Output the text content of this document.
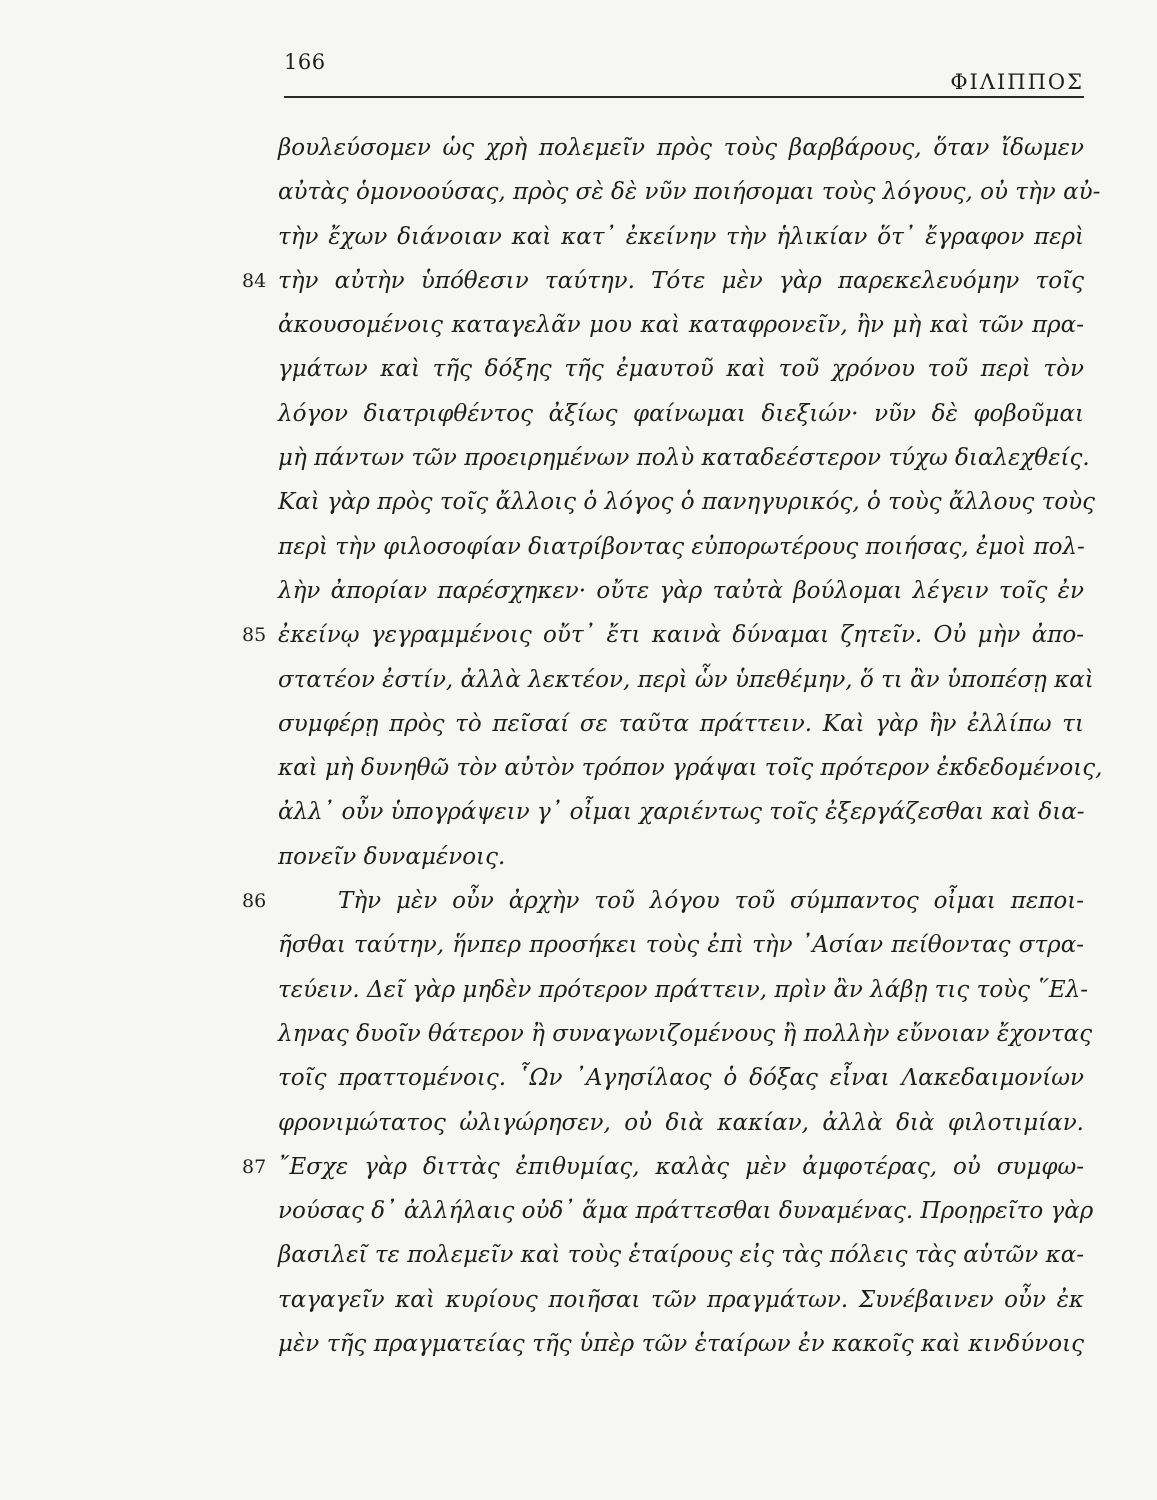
166
ΦΙΛΙΠΠΟΣ
βουλεύσομεν ὡς χρὴ πολεμεῖν πρὸς τοὺς βαρβάρους, ὅταν ἴδωμεν
αὐτὰς ὁμονοούσας, πρὸς σὲ δὲ νῦν ποιήσομαι τοὺς λόγους, οὐ τὴν αὐ-
τὴν ἔχων διάνοιαν καὶ κατ᾽ ἐκείνην τὴν ἡλικίαν ὅτ᾽ ἔγραφον περὶ
84 τὴν αὐτὴν ὑπόθεσιν ταύτην. Τότε μὲν γὰρ παρεκελευόμην τοῖς
ἀκουσομένοις καταγελᾶν μου καὶ καταφρονεῖν, ἢν μὴ καὶ τῶν πρα-
γμάτων καὶ τῆς δόξης τῆς ἐμαυτοῦ καὶ τοῦ χρόνου τοῦ περὶ τὸν
λόγον διατριφθέντος ἀξίως φαίνωμαι διεξιών· νῦν δὲ φοβοῦμαι
μὴ πάντων τῶν προειρημένων πολὺ καταδεέστερον τύχω διαλεχθείς.
Καὶ γὰρ πρὸς τοῖς ἄλλοις ὁ λόγος ὁ πανηγυρικός, ὁ τοὺς ἄλλους τοὺς
περὶ τὴν φιλοσοφίαν διατρίβοντας εὐπορωτέρους ποιήσας, ἐμοὶ πολ-
λὴν ἀπορίαν παρέσχηκεν· οὔτε γὰρ ταὐτὰ βούλομαι λέγειν τοῖς ἐν
85 ἐκείνῳ γεγραμμένοις οὔτ᾽ ἔτι καινὰ δύναμαι ζητεῖν. Οὐ μὴν ἀπο-
στατέον ἐστίν, ἀλλὰ λεκτέον, περὶ ὧν ὑπεθέμην, ὅ τι ἂν ὑποπέσῃ καὶ
συμφέρῃ πρὸς τὸ πεῖσαί σε ταῦτα πράττειν. Καὶ γὰρ ἢν ἐλλίπω τι
καὶ μὴ δυνηθῶ τὸν αὐτὸν τρόπον γράψαι τοῖς πρότερον ἐκδεδομένοις,
ἀλλ᾽ οὖν ὑπογράψειν γ᾽ οἶμαι χαριέντως τοῖς ἐξεργάζεσθαι καὶ δια-
πονεῖν δυναμένοις.
86	Τὴν μὲν οὖν ἀρχὴν τοῦ λόγου τοῦ σύμπαντος οἶμαι πεποι-
ῆσθαι ταύτην, ἥνπερ προσήκει τοὺς ἐπὶ τὴν ᾿Ασίαν πείθοντας στρα-
τεύειν. Δεῖ γὰρ μηδὲν πρότερον πράττειν, πρὶν ἂν λάβῃ τις τοὺς ῞Ελ-
ληνας δυοῖν θάτερον ἢ συναγωνιζομένους ἢ πολλὴν εὔνοιαν ἔχοντας
τοῖς πραττομένοις. ῟Ων ᾿Αγησίλαος ὁ δόξας εἶναι Λακεδαιμονίων
φρονιμώτατος ὠλιγώρησεν, οὐ διὰ κακίαν, ἀλλὰ διὰ φιλοτιμίαν.
87 ῎Εσχε γὰρ διττὰς ἐπιθυμίας, καλὰς μὲν ἀμφοτέρας, οὐ συμφω-
νούσας δ᾽ ἀλλήλαις οὐδ᾽ ἅμα πράττεσθαι δυναμένας. Προῃρεῖτο γὰρ
βασιλεῖ τε πολεμεῖν καὶ τοὺς ἑταίρους εἰς τὰς πόλεις τὰς αὑτῶν κα-
ταγαγεῖν καὶ κυρίους ποιῆσαι τῶν πραγμάτων. Συνέβαινεν οὖν ἐκ
μὲν τῆς πραγματείας τῆς ὑπὲρ τῶν ἑταίρων ἐν κακοῖς καὶ κινδύνοις
